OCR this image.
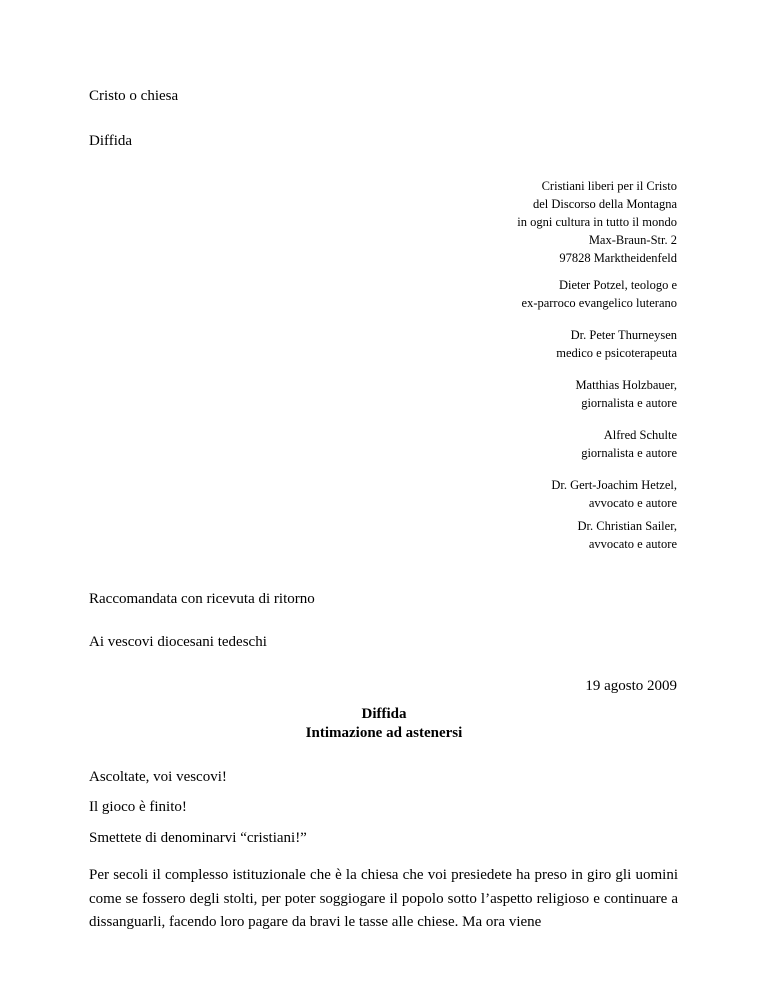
Cristo o chiesa
Diffida
Cristiani liberi per il Cristo
del Discorso della Montagna
in ogni cultura in tutto il mondo
Max-Braun-Str. 2
97828 Marktheidenfeld
Dieter Potzel, teologo e
ex-parroco evangelico luterano
Dr. Peter Thurneysen
medico e psicoterapeuta
Matthias Holzbauer,
giornalista e autore
Alfred Schulte
giornalista e autore
Dr. Gert-Joachim Hetzel,
avvocato e autore
Dr. Christian Sailer,
avvocato e autore
Raccomandata con ricevuta di ritorno
Ai vescovi diocesani tedeschi
19 agosto 2009
Diffida
Intimazione ad astenersi
Ascoltate, voi vescovi!
Il gioco è finito!
Smettete di denominarvi “cristiani!”
Per secoli il complesso istituzionale che è la chiesa che voi presiedete ha preso in giro gli uomini come se fossero degli stolti, per poter soggiogare il popolo sotto l’aspetto religioso e continuare a dissanguarli, facendo loro pagare da bravi le tasse alle chiese. Ma ora viene
